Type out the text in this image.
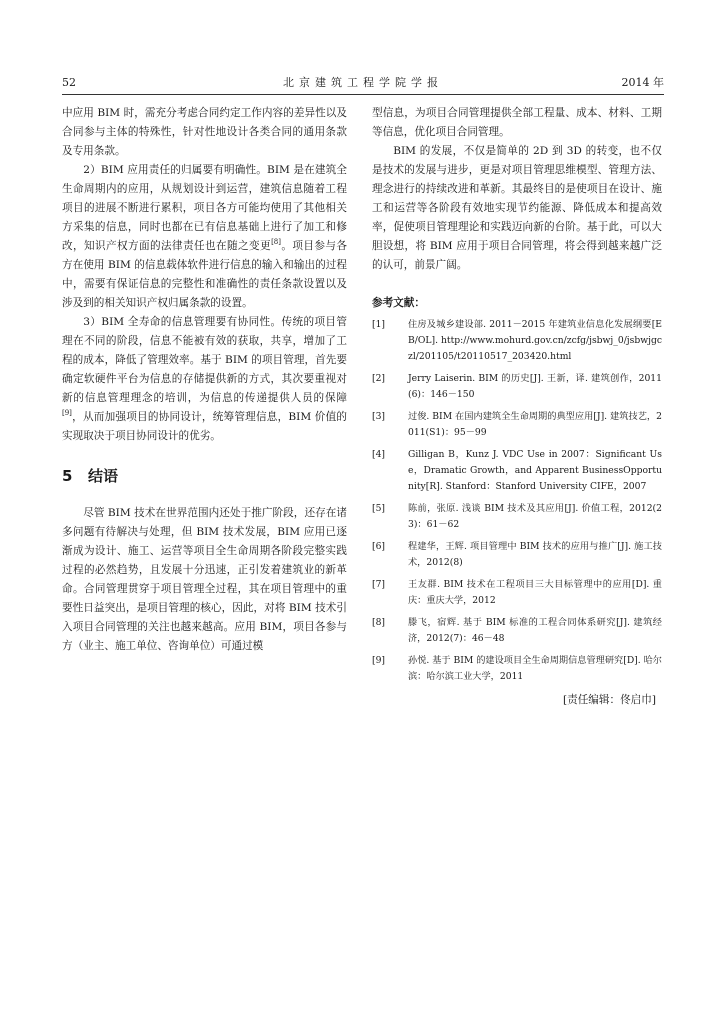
52	北京建筑工程学院学报	2014 年

中应用 BIM 时，需充分考虑合同约定工作内容的差异性以及合同参与主体的特殊性，针对性地设计各类合同的通用条款及专用条款。

2）BIM 应用责任的归属要有明确性。BIM 是在建筑全生命周期内的应用，从规划设计到运营，建筑信息随着工程项目的进展不断进行累积，项目各方可能均使用了其他相关方采集的信息，同时也都在已有信息基础上进行了加工和修改，知识产权方面的法律责任也在随之变更[8]。项目参与各方在使用 BIM 的信息载体软件进行信息的输入和输出的过程中，需要有保证信息的完整性和准确性的责任条款设置以及涉及到的相关知识产权归属条款的设置。

3）BIM 全寿命的信息管理要有协同性。传统的项目管理在不同的阶段，信息不能被有效的获取，共享，增加了工程的成本，降低了管理效率。基于 BIM 的项目管理，首先要确定软硬件平台为信息的存储提供新的方式，其次要重视对新的信息管理理念的培训，为信息的传递提供人员的保障[9]，从而加强项目的协同设计，统筹管理信息，BIM 价值的实现取决于项目协同设计的优劣。

5 结语

尽管 BIM 技术在世界范围内还处于推广阶段，还存在诸多问题有待解决与处理，但 BIM 技术发展，BIM 应用已逐渐成为设计、施工、运营等项目全生命周期各阶段完整实践过程的必然趋势，且发展十分迅速，正引发着建筑业的新革命。合同管理贯穿于项目管理全过程，其在项目管理中的重要性日益突出，是项目管理的核心，因此，对将 BIM 技术引入项目合同管理的关注也越来越高。应用 BIM，项目各参与方（业主、施工单位、咨询单位）可通过模

型信息，为项目合同管理提供全部工程量、成本、材料、工期等信息，优化项目合同管理。

BIM 的发展，不仅是简单的 2D 到 3D 的转变，也不仅是技术的发展与进步，更是对项目管理思维模型、管理方法、理念进行的持续改进和革新。其最终目的是使项目在设计、施工和运营等各阶段有效地实现节约能源、降低成本和提高效率，促使项目管理理论和实践迈向新的台阶。基于此，可以大胆设想，将 BIM 应用于项目合同管理，将会得到越来越广泛的认可，前景广阔。

参考文献：
[1] 住房及城乡建设部. 2011－2015 年建筑业信息化发展纲要[EB/OL]. http://www.mohurd.gov.cn/zcfg/jsbwj_0/jsbwjgczl/201105/t20110517_203420.html
[2] Jerry Laiserin. BIM 的历史[J]. 王新，译. 建筑创作，2011(6)：146－150
[3] 过俊. BIM 在国内建筑全生命周期的典型应用[J]. 建筑技艺，2011(S1)：95－99
[4] Gilligan B，Kunz J. VDC Use in 2007：Significant Use，Dramatic Growth，and Apparent BusinessOpportunity[R]. Stanford：Stanford University CIFE，2007
[5] 陈前，张原. 浅谈 BIM 技术及其应用[J]. 价值工程，2012(23)：61－62
[6] 程建华，王辉. 项目管理中 BIM 技术的应用与推广[J]. 施工技术，2012(8)
[7] 王友群. BIM 技术在工程项目三大目标管理中的应用[D]. 重庆：重庆大学，2012
[8] 滕飞，宿辉. 基于 BIM 标准的工程合同体系研究[J]. 建筑经济，2012(7)：46－48
[9] 孙悦. 基于 BIM 的建设项目全生命周期信息管理研究[D]. 哈尔滨：哈尔滨工业大学，2011
[责任编辑：佟启巾]
